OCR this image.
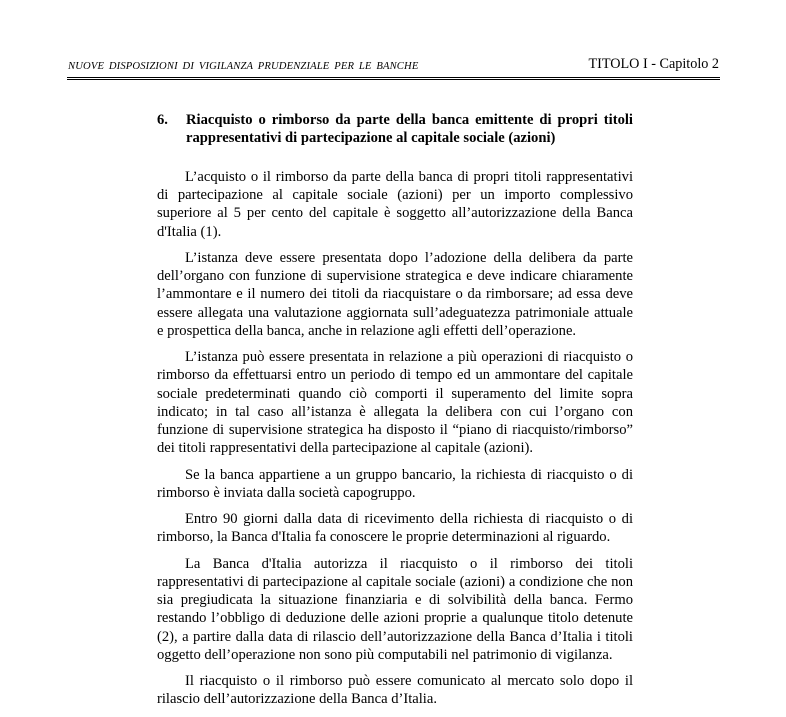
NUOVE DISPOSIZIONI DI VIGILANZA PRUDENZIALE PER LE BANCHE	TITOLO I - Capitolo 2
6. Riacquisto o rimborso da parte della banca emittente di propri titoli rappresentativi di partecipazione al capitale sociale (azioni)

L’acquisto o il rimborso da parte della banca di propri titoli rappresentativi di partecipazione al capitale sociale (azioni) per un importo complessivo superiore al 5 per cento del capitale è soggetto all’autorizzazione della Banca d'Italia (1).

L’istanza deve essere presentata dopo l’adozione della delibera da parte dell’organo con funzione di supervisione strategica e deve indicare chiaramente l’ammontare e il numero dei titoli da riacquistare o da rimborsare; ad essa deve essere allegata una valutazione aggiornata sull’adeguatezza patrimoniale attuale e prospettica della banca, anche in relazione agli effetti dell’operazione.

L’istanza può essere presentata in relazione a più operazioni di riacquisto o rimborso da effettuarsi entro un periodo di tempo ed un ammontare del capitale sociale predeterminati quando ciò comporti il superamento del limite sopra indicato; in tal caso all’istanza è allegata la delibera con cui l’organo con funzione di supervisione strategica ha disposto il “piano di riacquisto/rimborso” dei titoli rappresentativi della partecipazione al capitale (azioni).

Se la banca appartiene a un gruppo bancario, la richiesta di riacquisto o di rimborso è inviata dalla società capogruppo.

Entro 90 giorni dalla data di ricevimento della richiesta di riacquisto o di rimborso, la Banca d'Italia fa conoscere le proprie determinazioni al riguardo.

La Banca d'Italia autorizza il riacquisto o il rimborso dei titoli rappresentativi di partecipazione al capitale sociale (azioni) a condizione che non sia pregiudicata la situazione finanziaria e di solvibilità della banca. Fermo restando l’obbligo di deduzione delle azioni proprie a qualunque titolo detenute (2), a partire dalla data di rilascio dell’autorizzazione della Banca d’Italia i titoli oggetto dell’operazione non sono più computabili nel patrimonio di vigilanza.

Il riacquisto o il rimborso può essere comunicato al mercato solo dopo il rilascio dell’autorizzazione della Banca d’Italia.
